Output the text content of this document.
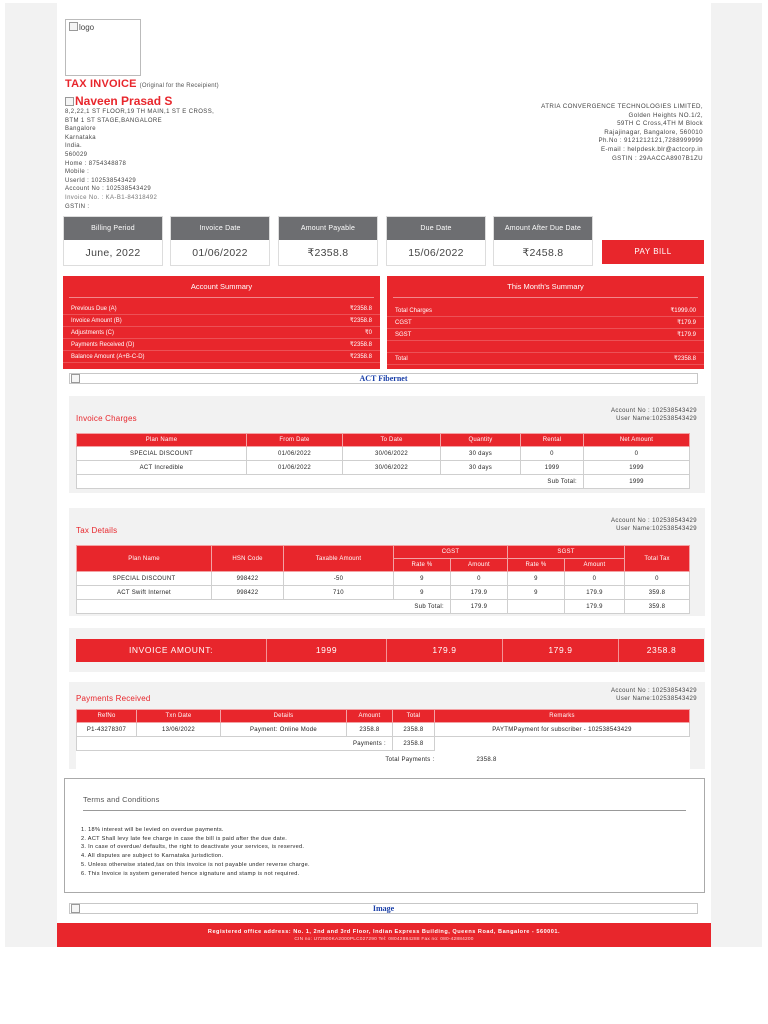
logo
TAX INVOICE (Original for the Receipient)
Naveen Prasad S
8,2,22,1 ST FLOOR,19 TH MAIN,1 ST E CROSS,
BTM 1 ST STAGE,BANGALORE
Bangalore
Karnataka
India.
560029
Home : 8754348878
Mobile :
UserId : 102538543429
Account No : 102538543429
Invoice No. : KA-B1-84318492
GSTIN :
ATRIA CONVERGENCE TECHNOLOGIES LIMITED,
Golden Heights NO.1/2,
59TH C Cross,4TH M Block
Rajajinagar, Bangalore, 560010
Ph.No : 9121212121,7288999999
E-mail : helpdesk.blr@actcorp.in
GSTIN : 29AACCA8907B1ZU
Billing Period
June, 2022
Invoice Date
01/06/2022
Amount Payable
₹2358.8
Due Date
15/06/2022
Amount After Due Date
₹2458.8	PAY BILL
Account Summary
Previous Due (A)	₹2358.8
Invoice Amount (B)	₹2358.8
Adjustments (C)	₹0
Payments Received (D)	₹2358.8
Balance Amount (A+B-C-D)	₹2358.8
This Month's Summary
Total Charges	₹1999.00
CGST	₹179.9
SGST	₹179.9
Total	₹2358.8
ACT Fibernet
Account No : 102538543429
User Name:102538543429
Invoice Charges
Plan Name	From Date	To Date	Quantity	Rental	Net Amount
SPECIAL DISCOUNT	01/06/2022	30/06/2022	30 days	0	0
ACT Incredible	01/06/2022	30/06/2022	30 days	1999	1999
Sub Total:					1999
Account No : 102538543429
User Name:102538543429
Tax Details
Plan Name	HSN Code	Taxable Amount	CGST		SGST		Total Tax
			Rate %	Amount	Rate %	Amount	
SPECIAL DISCOUNT	998422	-50	9	0	9	0	0
ACT Swift Internet	998422	710	9	179.9	9	179.9	359.8
Sub Total:				179.9		179.9	359.8
INVOICE AMOUNT:	1999	179.9	179.9	2358.8
Account No : 102538543429
User Name:102538543429
Payments Received
RefNo	Txn Date	Details	Amount	Total	Remarks
P1-43278307	13/06/2022	Payment: Online Mode	2358.8	2358.8	PAYTMPayment for subscriber - 102538543429
Payments :				2358.8	
Total Payments :					2358.8
Terms and Conditions
1. 18% interest will be levied on overdue payments.
2. ACT Shall levy late fee charge in case the bill is paid after the due date.
3. In case of overdue/ defaults, the right to deactivate your services, is reserved.
4. All disputes are subject to Karnataka jurisdiction.
5. Unless otherwise stated,tax on this invoice is not payable under reverse charge.
6. This Invoice is system generated hence signature and stamp is not required.
Image
Registered office address: No. 1, 2nd and 3rd Floor, Indian Express Building, Queens Road, Bangalore - 560001.
CIN no: U72900KA2000PLC027290 Tel: 08042884288 Fax no: 080-42884200
